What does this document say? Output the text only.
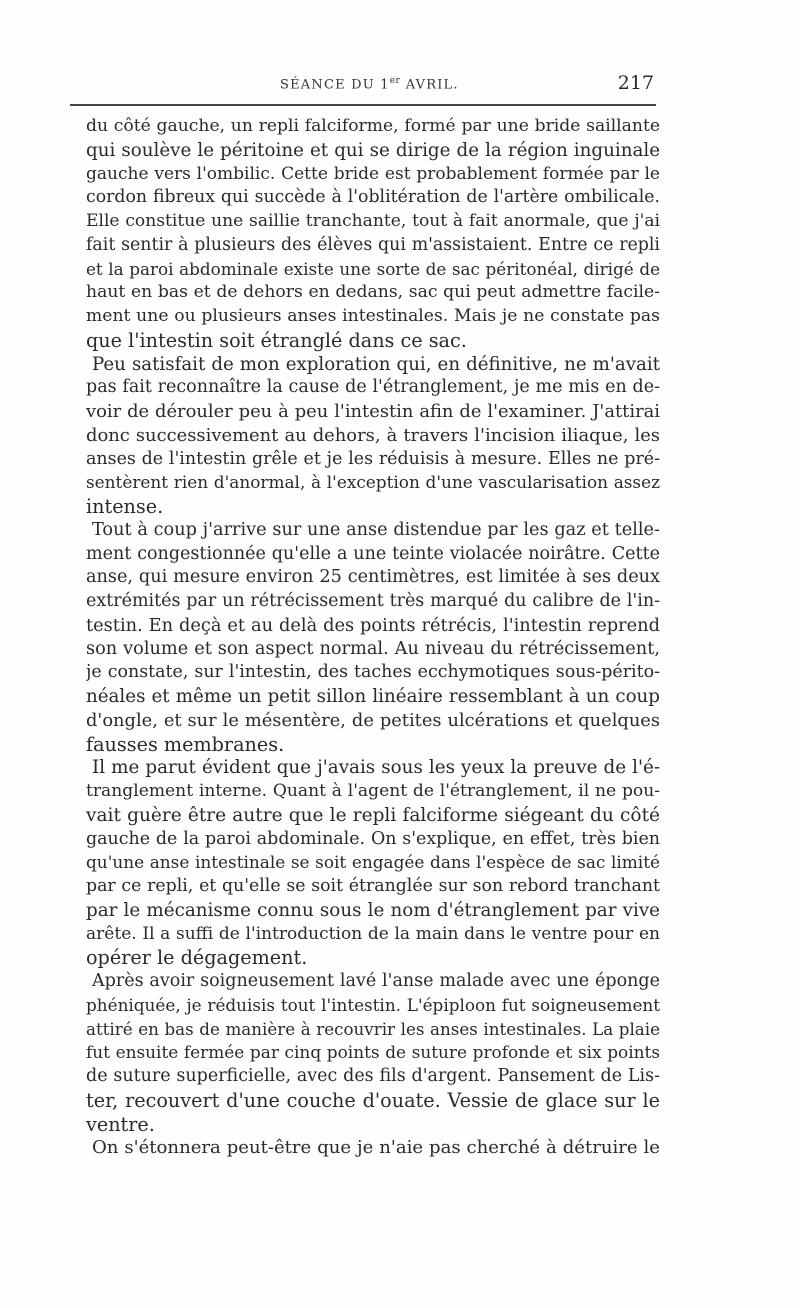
SÉANCE DU 1er AVRIL.	217
du côté gauche, un repli falciforme, formé par une bride saillante
qui soulève le péritoine et qui se dirige de la région inguinale
gauche vers l'ombilic. Cette bride est probablement formée par le
cordon fibreux qui succède à l'oblitération de l'artère ombilicale.
Elle constitue une saillie tranchante, tout à fait anormale, que j'ai
fait sentir à plusieurs des élèves qui m'assistaient. Entre ce repli
et la paroi abdominale existe une sorte de sac péritonéal, dirigé de
haut en bas et de dehors en dedans, sac qui peut admettre facile-
ment une ou plusieurs anses intestinales. Mais je ne constate pas
que l'intestin soit étranglé dans ce sac.
Peu satisfait de mon exploration qui, en définitive, ne m'avait
pas fait reconnaître la cause de l'étranglement, je me mis en de-
voir de dérouler peu à peu l'intestin afin de l'examiner. J'attirai
donc successivement au dehors, à travers l'incision iliaque, les
anses de l'intestin grêle et je les réduisis à mesure. Elles ne pré-
sentèrent rien d'anormal, à l'exception d'une vascularisation assez
intense.
Tout à coup j'arrive sur une anse distendue par les gaz et telle-
ment congestionnée qu'elle a une teinte violacée noirâtre. Cette
anse, qui mesure environ 25 centimètres, est limitée à ses deux
extrémités par un rétrécissement très marqué du calibre de l'in-
testin. En deçà et au delà des points rétrécis, l'intestin reprend
son volume et son aspect normal. Au niveau du rétrécissement,
je constate, sur l'intestin, des taches ecchymotiques sous-périto-
néales et même un petit sillon linéaire ressemblant à un coup
d'ongle, et sur le mésentère, de petites ulcérations et quelques
fausses membranes.
Il me parut évident que j'avais sous les yeux la preuve de l'é-
tranglement interne. Quant à l'agent de l'étranglement, il ne pou-
vait guère être autre que le repli falciforme siégeant du côté
gauche de la paroi abdominale. On s'explique, en effet, très bien
qu'une anse intestinale se soit engagée dans l'espèce de sac limité
par ce repli, et qu'elle se soit étranglée sur son rebord tranchant
par le mécanisme connu sous le nom d'étranglement par vive
arête. Il a suffi de l'introduction de la main dans le ventre pour en
opérer le dégagement.
Après avoir soigneusement lavé l'anse malade avec une éponge
phéniquée, je réduisis tout l'intestin. L'épiploon fut soigneusement
attiré en bas de manière à recouvrir les anses intestinales. La plaie
fut ensuite fermée par cinq points de suture profonde et six points
de suture superficielle, avec des fils d'argent. Pansement de Lis-
ter, recouvert d'une couche d'ouate. Vessie de glace sur le
ventre.
On s'étonnera peut-être que je n'aie pas cherché à détruire le
